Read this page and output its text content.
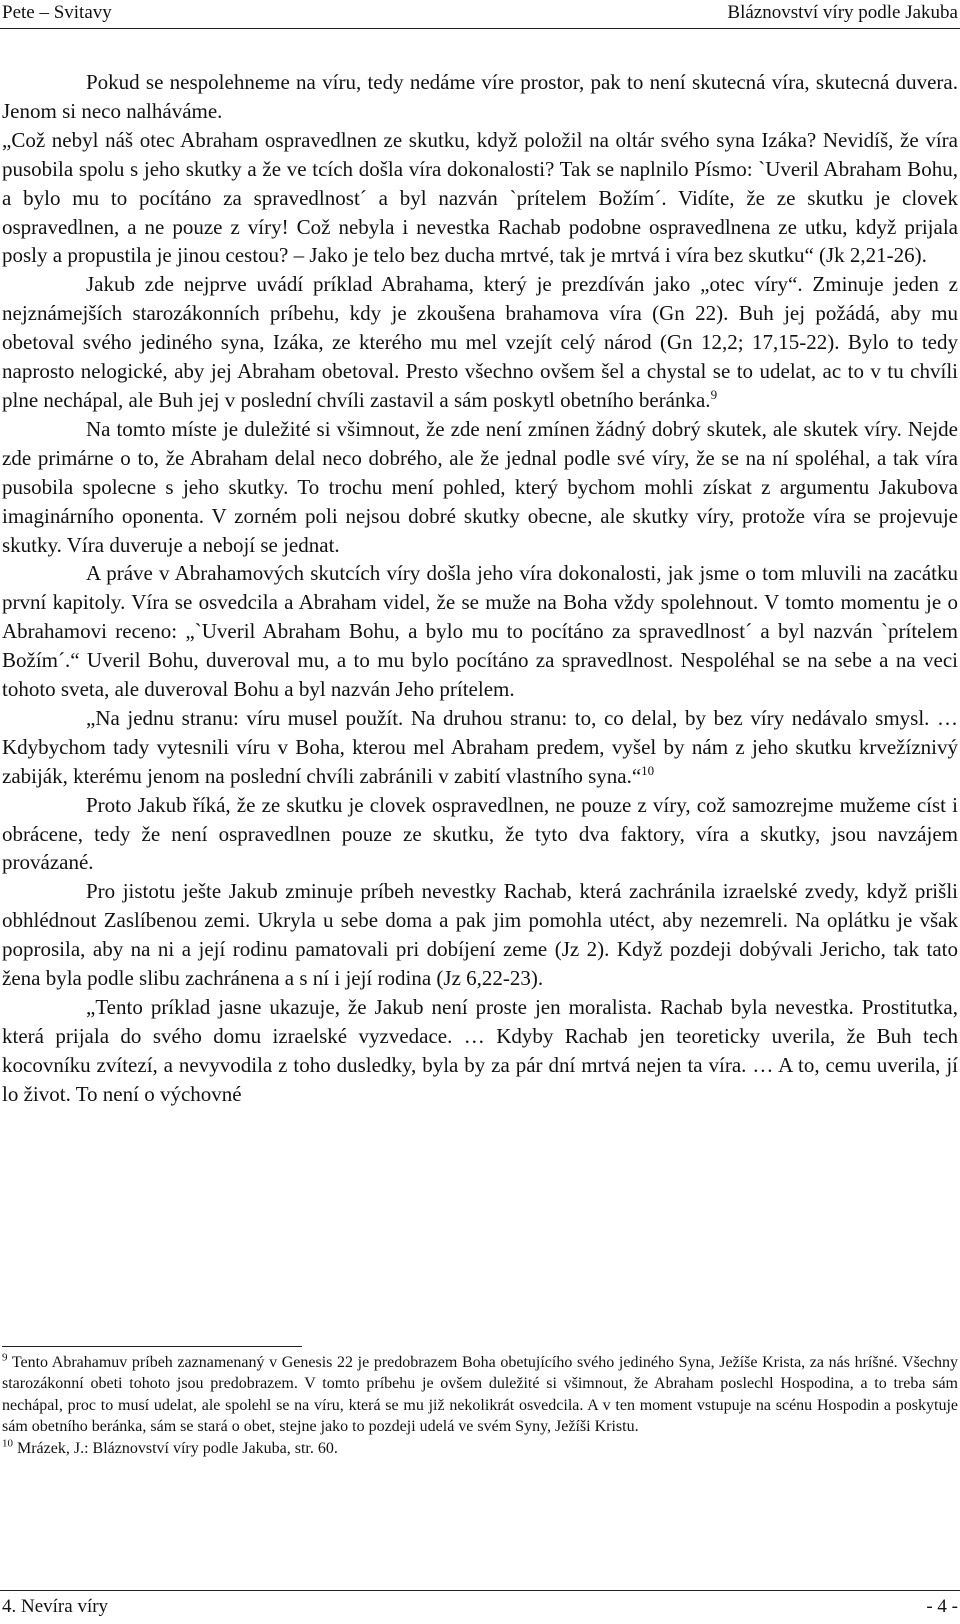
Pete – Svitavy	Bláznovství víry podle Jakuba

Pokud se nespolehneme na víru, tedy nedáme víre prostor, pak to není skutecná víra, skutecná duvera. Jenom si neco nalháváme.

„Což nebyl náš otec Abraham ospravedlnen ze skutku, když položil na oltár svého syna Izáka? Nevidíš, že víra pusobila spolu s jeho skutky a že ve tcích došla víra dokonalosti? Tak se naplnilo Písmo: `Uveril Abraham Bohu, a bylo mu to pocítáno za spravedlnost´ a byl nazván `prítelem Božím´. Vidíte, že ze skutku je clovek ospravedlnen, a ne pouze z víry! Což nebyla i nevestka Rachab podobne ospravedlnena ze utku, když prijala posly a propustila je jinou cestou? – Jako je telo bez ducha mrtvé, tak je mrtvá i víra bez skutku“ (Jk 2,21-26).

Jakub zde nejprve uvádí príklad Abrahama, který je prezdíván jako „otec víry“. Zminuje jeden z nejznámejších starozákonních príbehu, kdy je zkoušena brahamova víra (Gn 22). Buh jej požádá, aby mu obetoval svého jediného syna, Izáka, ze kterého mu mel vzejít celý národ (Gn 12,2; 17,15-22). Bylo to tedy naprosto nelogické, aby jej Abraham obetoval. Presto všechno ovšem šel a chystal se to udelat, ac to v tu chvíli plne nechápal, ale Buh jej v poslední chvíli zastavil a sám poskytl obetního beránka.$^9$

Na tomto míste je duležité si všimnout, že zde není zmínen žádný dobrý skutek, ale skutek víry. Nejde zde primárne o to, že Abraham delal neco dobrého, ale že jednal podle své víry, že se na ní spoléhal, a tak víra pusobila spolecne s jeho skutky. To trochu mení pohled, který bychom mohli získat z argumentu Jakubova imaginárního oponenta. V zorném poli nejsou dobré skutky obecne, ale skutky víry, protože víra se projevuje skutky. Víra duveruje a nebojí se jednat.

A práve v Abrahamových skutcích víry došla jeho víra dokonalosti, jak jsme o tom mluvili na zacátku první kapitoly. Víra se osvedcila a Abraham videl, že se muže na Boha vždy spolehnout. V tomto momentu je o Abrahamovi receno: „`Uveril Abraham Bohu, a bylo mu to pocítáno za spravedlnost´ a byl nazván `prítelem Božím´.“ Uveril Bohu, duveroval mu, a to mu bylo pocítáno za spravedlnost. Nespoléhal se na sebe a na veci tohoto sveta, ale duveroval Bohu a byl nazván Jeho prítelem.

„Na jednu stranu: víru musel použít. Na druhou stranu: to, co delal, by bez víry nedávalo smysl. … Kdybychom tady vytesnili víru v Boha, kterou mel Abraham predem, vyšel by nám z jeho skutku krvežíznivý zabiják, kterému jenom na poslední chvíli zabránili v zabití vlastního syna.“$^{10}$

Proto Jakub říká, že ze skutku je clovek ospravedlnen, ne pouze z víry, což samozrejme mužeme císt i obrácene, tedy že není ospravedlnen pouze ze skutku, že tyto dva faktory, víra a skutky, jsou navzájem provázané.

Pro jistotu ješte Jakub zminuje príbeh nevestky Rachab, která zachránila izraelské zvedy, když prišli obhlédnout Zaslíbenou zemi. Ukryla u sebe doma a pak jim pomohla utéct, aby nezemreli. Na oplátku je však poprosila, aby na ni a její rodinu pamatovali pri dobíjení zeme (Jz 2). Když pozdeji dobývali Jericho, tak tato žena byla podle slibu zachránena a s ní i její rodina (Jz 6,22-23).

„Tento príklad jasne ukazuje, že Jakub není proste jen moralista. Rachab byla nevestka. Prostitutka, která prijala do svého domu izraelské vyzvedace. … Kdyby Rachab jen teoreticky uverila, že Buh tech kocovníku zvítezí, a nevyvodila z toho dusledky, byla by za pár dní mrtvá nejen ta víra. … A to, cemu uverila, jí lo život. To není o výchovné

$^9$ Tento Abrahamuv príbeh zaznamenaný v Genesis 22 je predobrazem Boha obetujícího svého jediného Syna, Ježíše Krista, za nás hríšné. Všechny starozákonní obeti tohoto jsou predobrazem. V tomto príbehu je ovšem duležité si všimnout, že Abraham poslechl Hospodina, a to treba sám nechápal, proc to musí udelat, ale spolehl se na víru, která se mu již nekolikrát osvedcila. A v ten moment vstupuje na scénu Hospodin a poskytuje sám obetního beránka, sám se stará o obet, stejne jako to pozdeji udelá ve svém Syny, Ježíši Kristu.

$^{10}$ Mrázek, J.: Bláznovství víry podle Jakuba, str. 60.

4. Nevíra víry	- 4 -
